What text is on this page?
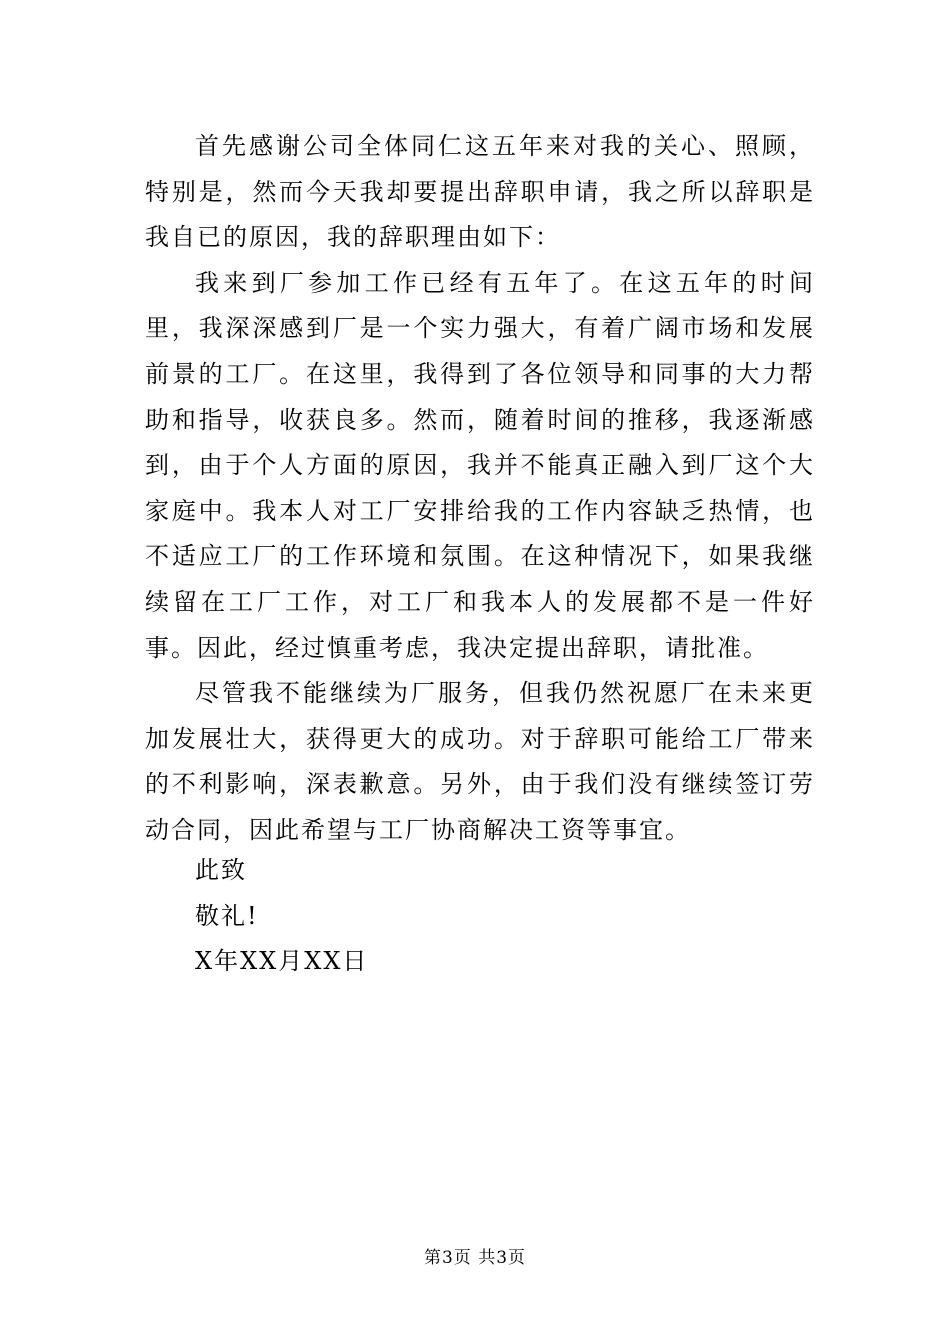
首先感谢公司全体同仁这五年来对我的关心、照顾，特别是，然而今天我却要提出辞职申请，我之所以辞职是我自已的原因，我的辞职理由如下：

我来到厂参加工作已经有五年了。在这五年的时间里，我深深感到厂是一个实力强大，有着广阔市场和发展前景的工厂。在这里，我得到了各位领导和同事的大力帮助和指导，收获良多。然而，随着时间的推移，我逐渐感到，由于个人方面的原因，我并不能真正融入到厂这个大家庭中。我本人对工厂安排给我的工作内容缺乏热情，也不适应工厂的工作环境和氛围。在这种情况下，如果我继续留在工厂工作，对工厂和我本人的发展都不是一件好事。因此，经过慎重考虑，我决定提出辞职，请批准。

尽管我不能继续为厂服务，但我仍然祝愿厂在未来更加发展壮大，获得更大的成功。对于辞职可能给工厂带来的不利影响，深表歉意。另外，由于我们没有继续签订劳动合同，因此希望与工厂协商解决工资等事宜。

此致
敬礼!
X年XX月XX日
第3页 共3页
